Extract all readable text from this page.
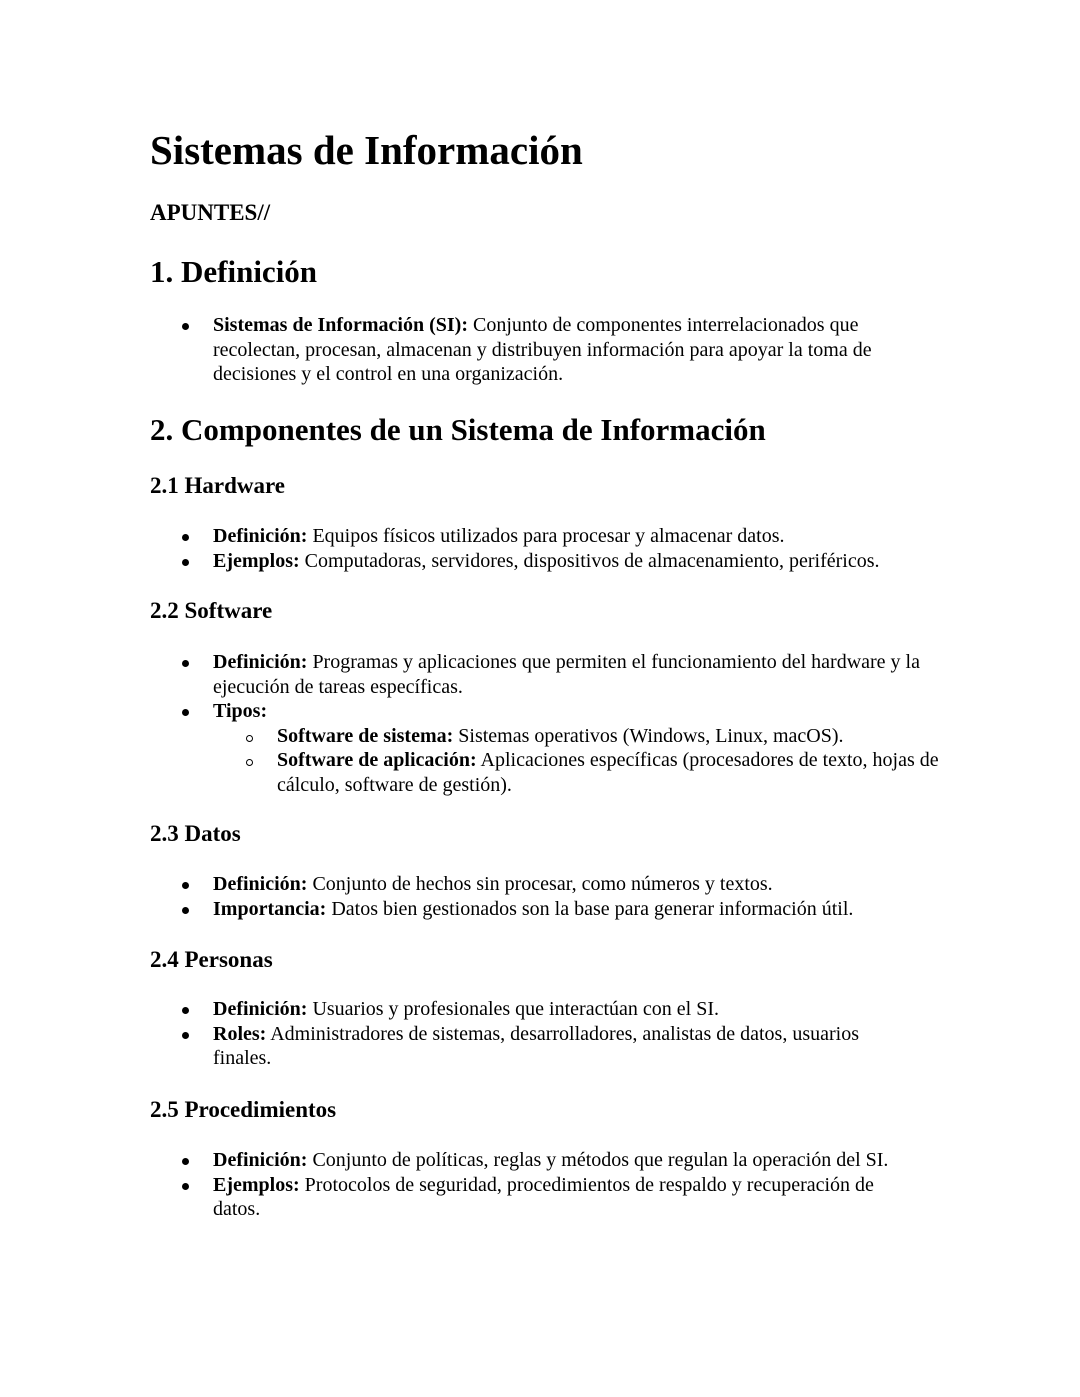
Sistemas de Información

APUNTES//

1. Definición
Sistemas de Información (SI): Conjunto de componentes interrelacionados que recolectan, procesan, almacenan y distribuyen información para apoyar la toma de decisiones y el control en una organización.
2. Componentes de un Sistema de Información
2.1 Hardware
Definición: Equipos físicos utilizados para procesar y almacenar datos.
Ejemplos: Computadoras, servidores, dispositivos de almacenamiento, periféricos.
2.2 Software
Definición: Programas y aplicaciones que permiten el funcionamiento del hardware y la ejecución de tareas específicas.
Tipos:
Software de sistema: Sistemas operativos (Windows, Linux, macOS).
Software de aplicación: Aplicaciones específicas (procesadores de texto, hojas de cálculo, software de gestión).
2.3 Datos
Definición: Conjunto de hechos sin procesar, como números y textos.
Importancia: Datos bien gestionados son la base para generar información útil.
2.4 Personas
Definición: Usuarios y profesionales que interactúan con el SI.
Roles: Administradores de sistemas, desarrolladores, analistas de datos, usuarios finales.
2.5 Procedimientos
Definición: Conjunto de políticas, reglas y métodos que regulan la operación del SI.
Ejemplos: Protocolos de seguridad, procedimientos de respaldo y recuperación de datos.
